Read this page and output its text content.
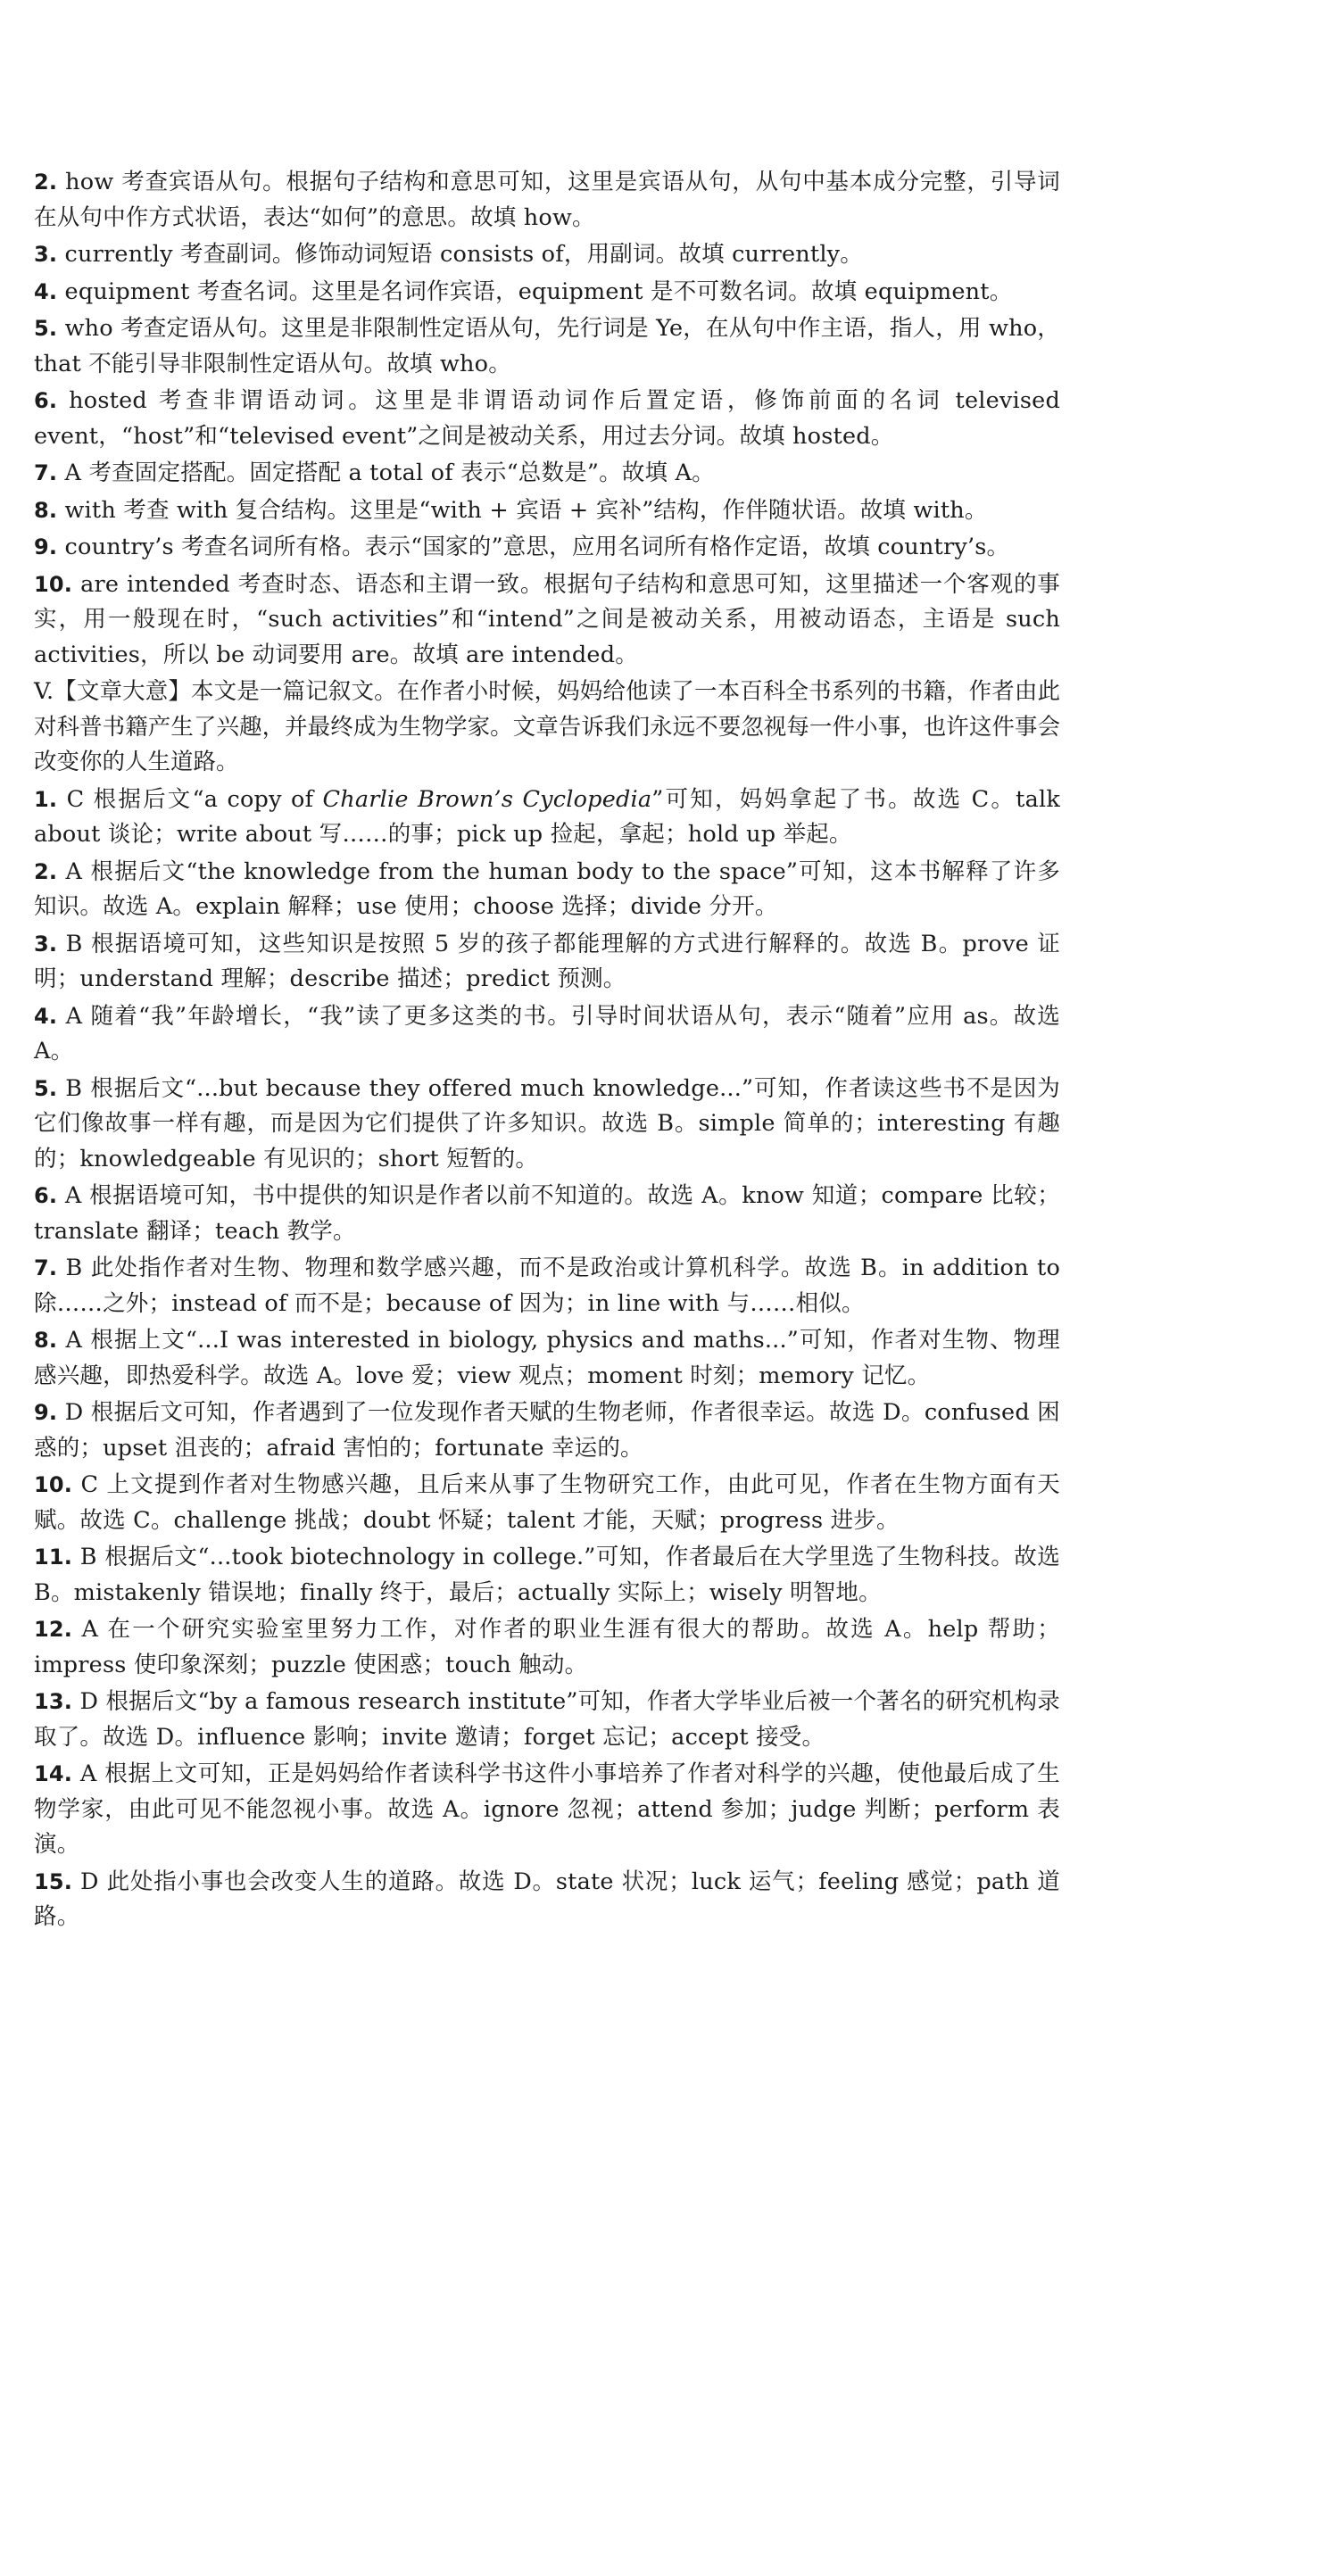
2. how 考查宾语从句。根据句子结构和意思可知，这里是宾语从句，从句中基本成分完整，引导词在从句中作方式状语，表达“如何”的意思。故填 how。

3. currently 考查副词。修饰动词短语 consists of，用副词。故填 currently。

4. equipment 考查名词。这里是名词作宾语，equipment 是不可数名词。故填 equipment。

5. who 考查定语从句。这里是非限制性定语从句，先行词是 Ye，在从句中作主语，指人，用 who，that 不能引导非限制性定语从句。故填 who。

6. hosted 考查非谓语动词。这里是非谓语动词作后置定语，修饰前面的名词 televised event，“host”和“televised event”之间是被动关系，用过去分词。故填 hosted。

7. A 考查固定搭配。固定搭配 a total of 表示“总数是”。故填 A。

8. with 考查 with 复合结构。这里是“with + 宾语 + 宾补”结构，作伴随状语。故填 with。

9. country’s 考查名词所有格。表示“国家的”意思，应用名词所有格作定语，故填 country’s。

10. are intended 考查时态、语态和主谓一致。根据句子结构和意思可知，这里描述一个客观的事实，用一般现在时，“such activities”和“intend”之间是被动关系，用被动语态，主语是 such activities，所以 be 动词要用 are。故填 are intended。

V.【文章大意】本文是一篇记叙文。在作者小时候，妈妈给他读了一本百科全书系列的书籍，作者由此对科普书籍产生了兴趣，并最终成为生物学家。文章告诉我们永远不要忽视每一件小事，也许这件事会改变你的人生道路。

1. C 根据后文“a copy of Charlie Brown’s Cyclopedia”可知，妈妈拿起了书。故选 C。talk about 谈论；write about 写……的事；pick up 捡起，拿起；hold up 举起。

2. A 根据后文“the knowledge from the human body to the space”可知，这本书解释了许多知识。故选 A。explain 解释；use 使用；choose 选择；divide 分开。

3. B 根据语境可知，这些知识是按照 5 岁的孩子都能理解的方式进行解释的。故选 B。prove 证明；understand 理解；describe 描述；predict 预测。

4. A 随着“我”年龄增长，“我”读了更多这类的书。引导时间状语从句，表示“随着”应用 as。故选 A。

5. B 根据后文“...but because they offered much knowledge...”可知，作者读这些书不是因为它们像故事一样有趣，而是因为它们提供了许多知识。故选 B。simple 简单的；interesting 有趣的；knowledgeable 有见识的；short 短暂的。

6. A 根据语境可知，书中提供的知识是作者以前不知道的。故选 A。know 知道；compare 比较；translate 翻译；teach 教学。

7. B 此处指作者对生物、物理和数学感兴趣，而不是政治或计算机科学。故选 B。in addition to 除……之外；instead of 而不是；because of 因为；in line with 与……相似。

8. A 根据上文“...I was interested in biology, physics and maths...”可知，作者对生物、物理感兴趣，即热爱科学。故选 A。love 爱；view 观点；moment 时刻；memory 记忆。

9. D 根据后文可知，作者遇到了一位发现作者天赋的生物老师，作者很幸运。故选 D。confused 困惑的；upset 沮丧的；afraid 害怕的；fortunate 幸运的。

10. C 上文提到作者对生物感兴趣，且后来从事了生物研究工作，由此可见，作者在生物方面有天赋。故选 C。challenge 挑战；doubt 怀疑；talent 才能，天赋；progress 进步。

11. B 根据后文“...took biotechnology in college.”可知，作者最后在大学里选了生物科技。故选 B。mistakenly 错误地；finally 终于，最后；actually 实际上；wisely 明智地。

12. A 在一个研究实验室里努力工作，对作者的职业生涯有很大的帮助。故选 A。help 帮助；impress 使印象深刻；puzzle 使困惑；touch 触动。

13. D 根据后文“by a famous research institute”可知，作者大学毕业后被一个著名的研究机构录取了。故选 D。influence 影响；invite 邀请；forget 忘记；accept 接受。

14. A 根据上文可知，正是妈妈给作者读科学书这件小事培养了作者对科学的兴趣，使他最后成了生物学家，由此可见不能忽视小事。故选 A。ignore 忽视；attend 参加；judge 判断；perform 表演。

15. D 此处指小事也会改变人生的道路。故选 D。state 状况；luck 运气；feeling 感觉；path 道路。
